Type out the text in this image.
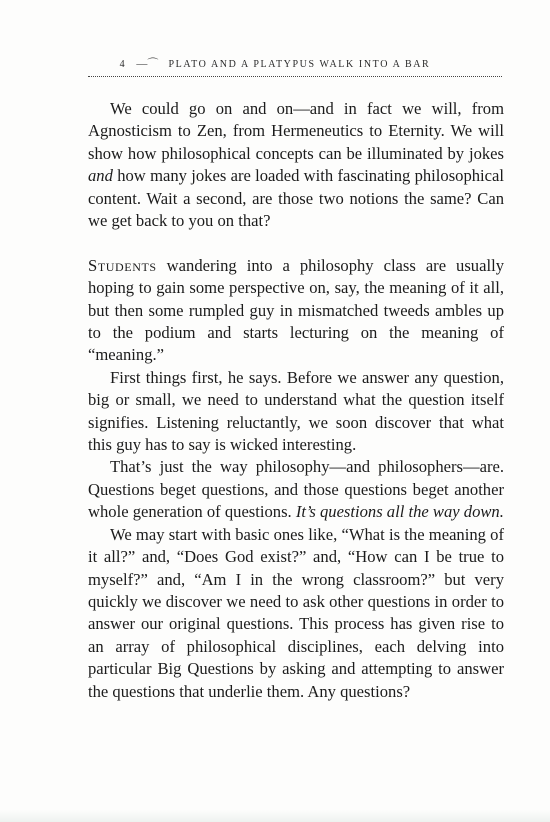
4 —⌒ PLATO AND A PLATYPUS WALK INTO A BAR

We could go on and on—and in fact we will, from Agnosticism to Zen, from Hermeneutics to Eternity. We will show how philosophical concepts can be illuminated by jokes and how many jokes are loaded with fascinating philosophical content. Wait a second, are those two notions the same? Can we get back to you on that?

Students wandering into a philosophy class are usually hoping to gain some perspective on, say, the meaning of it all, but then some rumpled guy in mismatched tweeds ambles up to the podium and starts lecturing on the meaning of “meaning.”

First things first, he says. Before we answer any question, big or small, we need to understand what the question itself signifies. Listening reluctantly, we soon discover that what this guy has to say is wicked interesting.

That’s just the way philosophy—and philosophers—are. Questions beget questions, and those questions beget another whole generation of questions. It’s questions all the way down.

We may start with basic ones like, “What is the meaning of it all?” and, “Does God exist?” and, “How can I be true to myself?” and, “Am I in the wrong classroom?” but very quickly we discover we need to ask other questions in order to answer our original questions. This process has given rise to an array of philosophical disciplines, each delving into particular Big Questions by asking and attempting to answer the questions that underlie them. Any questions?
